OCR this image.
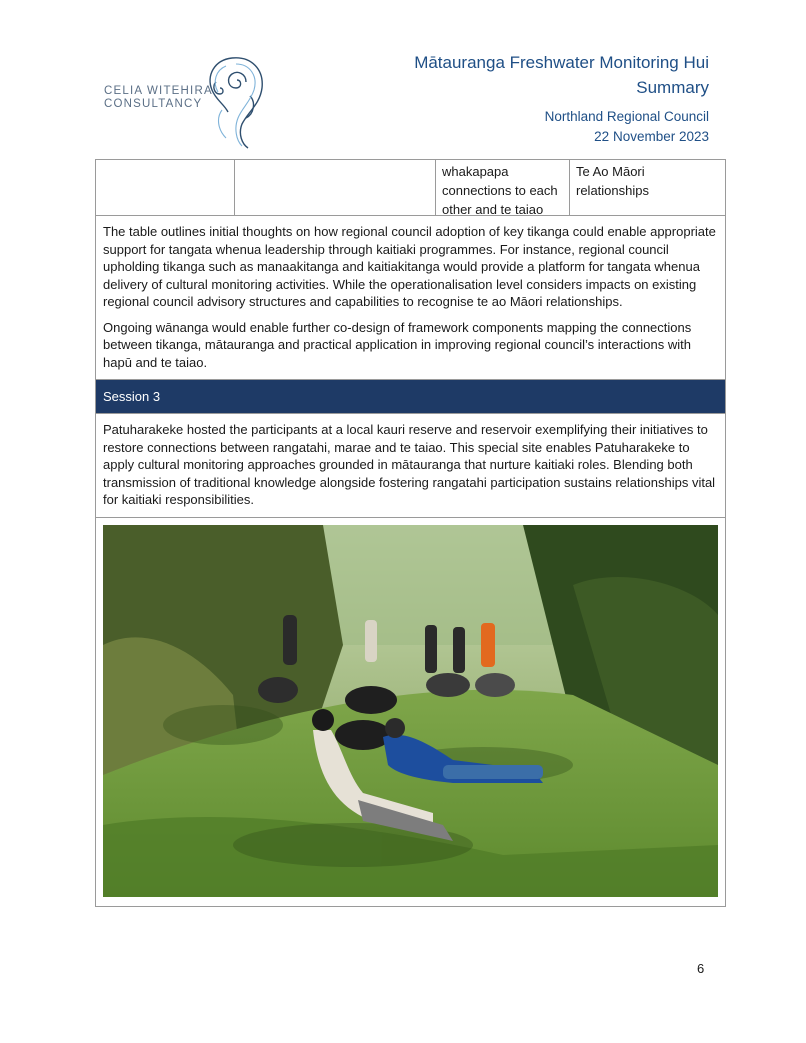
CELIA WITEHIRA
CONSULTANCY
Mātauranga Freshwater Monitoring Hui
Summary
Northland Regional Council
22 November 2023
whakapapa connections to each other and te taiao
Te Ao Māori relationships

The table outlines initial thoughts on how regional council adoption of key tikanga could enable appropriate support for tangata whenua leadership through kaitiaki programmes. For instance, regional council upholding tikanga such as manaakitanga and kaitiakitanga would provide a platform for tangata whenua delivery of cultural monitoring activities. While the operationalisation level considers impacts on existing regional council advisory structures and capabilities to recognise te ao Māori relationships.

Ongoing wānanga would enable further co-design of framework components mapping the connections between tikanga, mātauranga and practical application in improving regional council’s interactions with hapū and te taiao.

Session 3

Patuharakeke hosted the participants at a local kauri reserve and reservoir exemplifying their initiatives to restore connections between rangatahi, marae and te taiao. This special site enables Patuharakeke to apply cultural monitoring approaches grounded in mātauranga that nurture kaitiaki roles. Blending both transmission of traditional knowledge alongside fostering rangatahi participation sustains relationships vital for kaitiaki responsibilities.

6
